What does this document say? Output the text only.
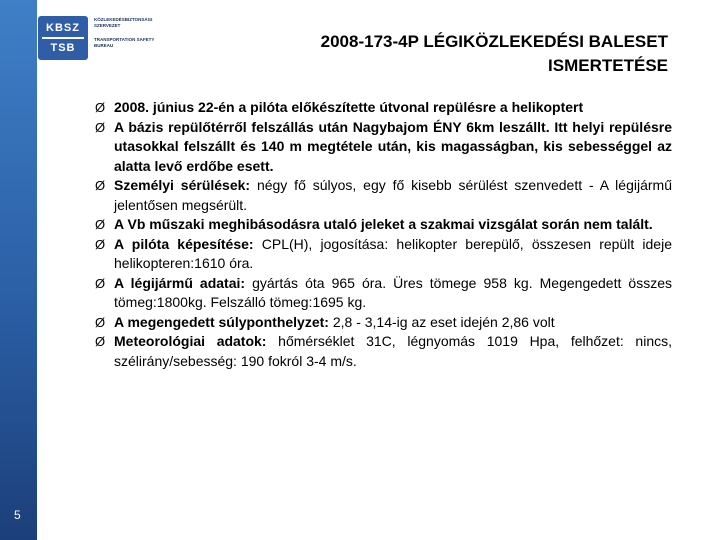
5
KBSZ
TSB
KÖZLEKEDÉSBIZTONSÁGI SZERVEZET
TRANSPORTATION SAFETY BUREAU	2008-173-4P LÉGIKÖZLEKEDÉSI BALESET
ISMERTETÉSE
Ø 2008. június 22-én a pilóta előkészítette útvonal repülésre a helikoptert
Ø A bázis repülőtérről felszállás után Nagybajom ÉNY 6km leszállt. Itt helyi repülésre utasokkal felszállt és 140 m megtétele után, kis magasságban, kis sebességgel az alatta levő erdőbe esett.
Ø Személyi sérülések: négy fő súlyos, egy fő kisebb sérülést szenvedett - A légijármű jelentősen megsérült.
Ø A Vb műszaki meghibásodásra utaló jeleket a szakmai vizsgálat során nem talált.
Ø A pilóta képesítése: CPL(H), jogosítása: helikopter berepülő, összesen repült ideje helikopteren:1610 óra.
Ø A légijármű adatai: gyártás óta 965 óra. Üres tömege 958 kg. Megengedett összes tömeg:1800kg. Felszálló tömeg:1695 kg.
Ø A megengedett súlyponthelyzet: 2,8 - 3,14-ig az eset idején 2,86 volt
Ø Meteorológiai adatok: hőmérséklet 31C, légnyomás 1019 Hpa, felhőzet: nincs, szélirány/sebesség: 190 fokról 3-4 m/s.
